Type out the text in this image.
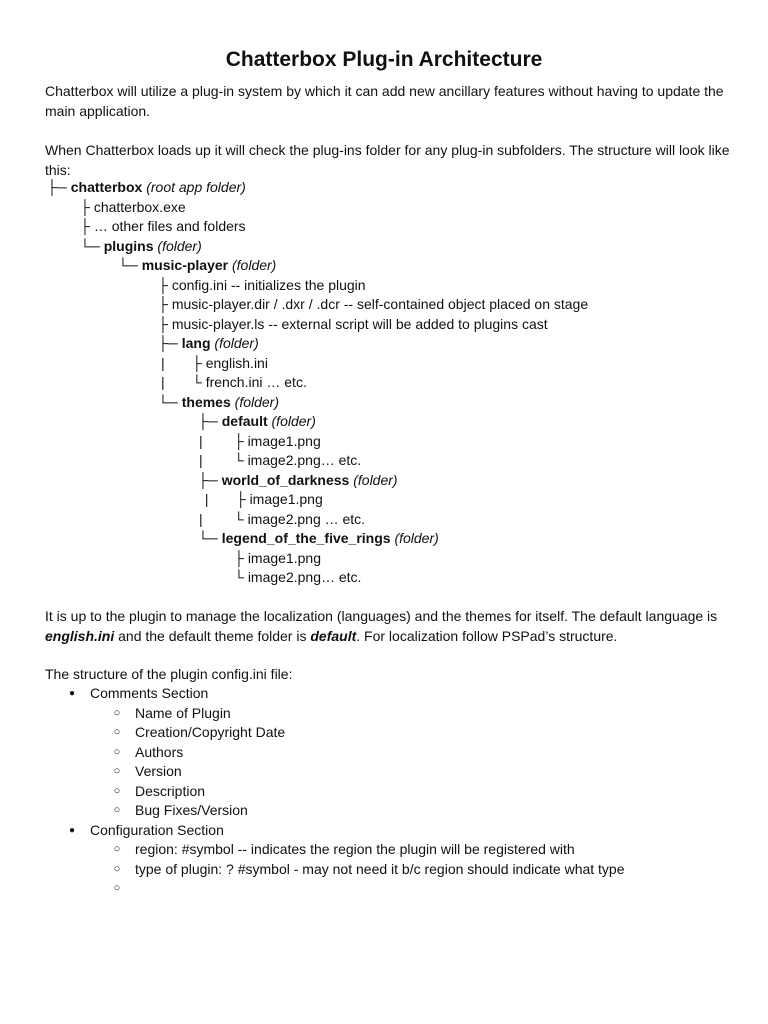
Chatterbox Plug-in Architecture

Chatterbox will utilize a plug-in system by which it can add new ancillary features without having to update the main application.

When Chatterbox loads up it will check the plug-ins folder for any plug-in subfolders. The structure will look like this:

├─ chatterbox (root app folder)
├ chatterbox.exe
├ … other files and folders
└─ plugins (folder)
└─ music-player (folder)
├ config.ini -- initializes the plugin
├ music-player.dir / .dxr / .dcr -- self-contained object placed on stage
├ music-player.ls -- external script will be added to plugins cast
├─ lang (folder)
|       ├ english.ini
|       └ french.ini … etc.
└─ themes (folder)
├─ default (folder)
|        ├ image1.png
|        └ image2.png… etc.
├─ world_of_darkness (folder)
|       ├ image1.png
|        └ image2.png … etc.
└─ legend_of_the_five_rings (folder)
├ image1.png
└ image2.png… etc.

It is up to the plugin to manage the localization (languages) and the themes for itself. The default language is english.ini and the default theme folder is default. For localization follow PSPad’s structure.

The structure of the plugin config.ini file:

● Comments Section
○ Name of Plugin
○ Creation/Copyright Date
○ Authors
○ Version
○ Description
○ Bug Fixes/Version
● Configuration Section
○ region: #symbol -- indicates the region the plugin will be registered with
○ type of plugin: ? #symbol - may not need it b/c region should indicate what type
○
